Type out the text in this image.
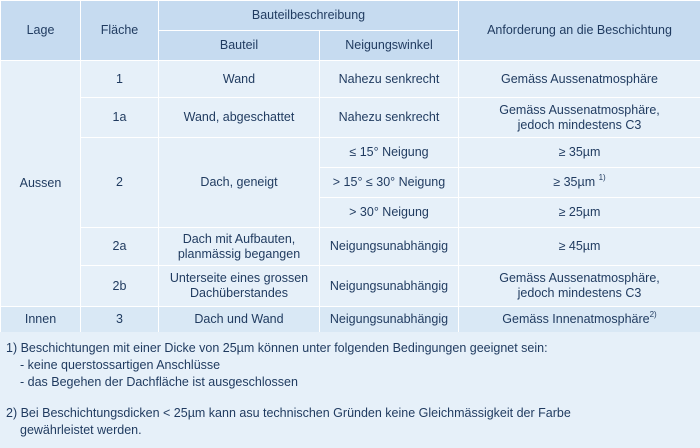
Lage	Fläche	Bauteilbeschreibung		Anforderung an die Beschichtung
		Bauteil	Neigungswinkel	
Aussen	1	Wand	Nahezu senkrecht	Gemäss Aussenatmosphäre
	1a	Wand, abgeschattet	Nahezu senkrecht	Gemäss Aussenatmosphäre,
jedoch mindestens C3
	2	Dach, geneigt	≤ 15° Neigung	≥ 35µm
			> 15° ≤ 30° Neigung	≥ 35µm $^{1)}$
			> 30° Neigung	≥ 25µm
	2a	Dach mit Aufbauten,
planmässig begangen	Neigungsunabhängig	≥ 45µm
	2b	Unterseite eines grossen
Dachüberstandes	Neigungsunabhängig	Gemäss Aussenatmosphäre,
jedoch mindestens C3
Innen	3	Dach und Wand	Neigungsunabhängig	Gemäss Innenatmosphäre$^{2)}$
1) Beschichtungen mit einer Dicke von 25µm können unter folgenden Bedingungen geeignet sein:
- keine querstossartigen Anschlüsse
- das Begehen der Dachfläche ist ausgeschlossen
2) Bei Beschichtungsdicken < 25µm kann asu technischen Gründen keine Gleichmässigkeit der Farbe
gewährleistet werden.
